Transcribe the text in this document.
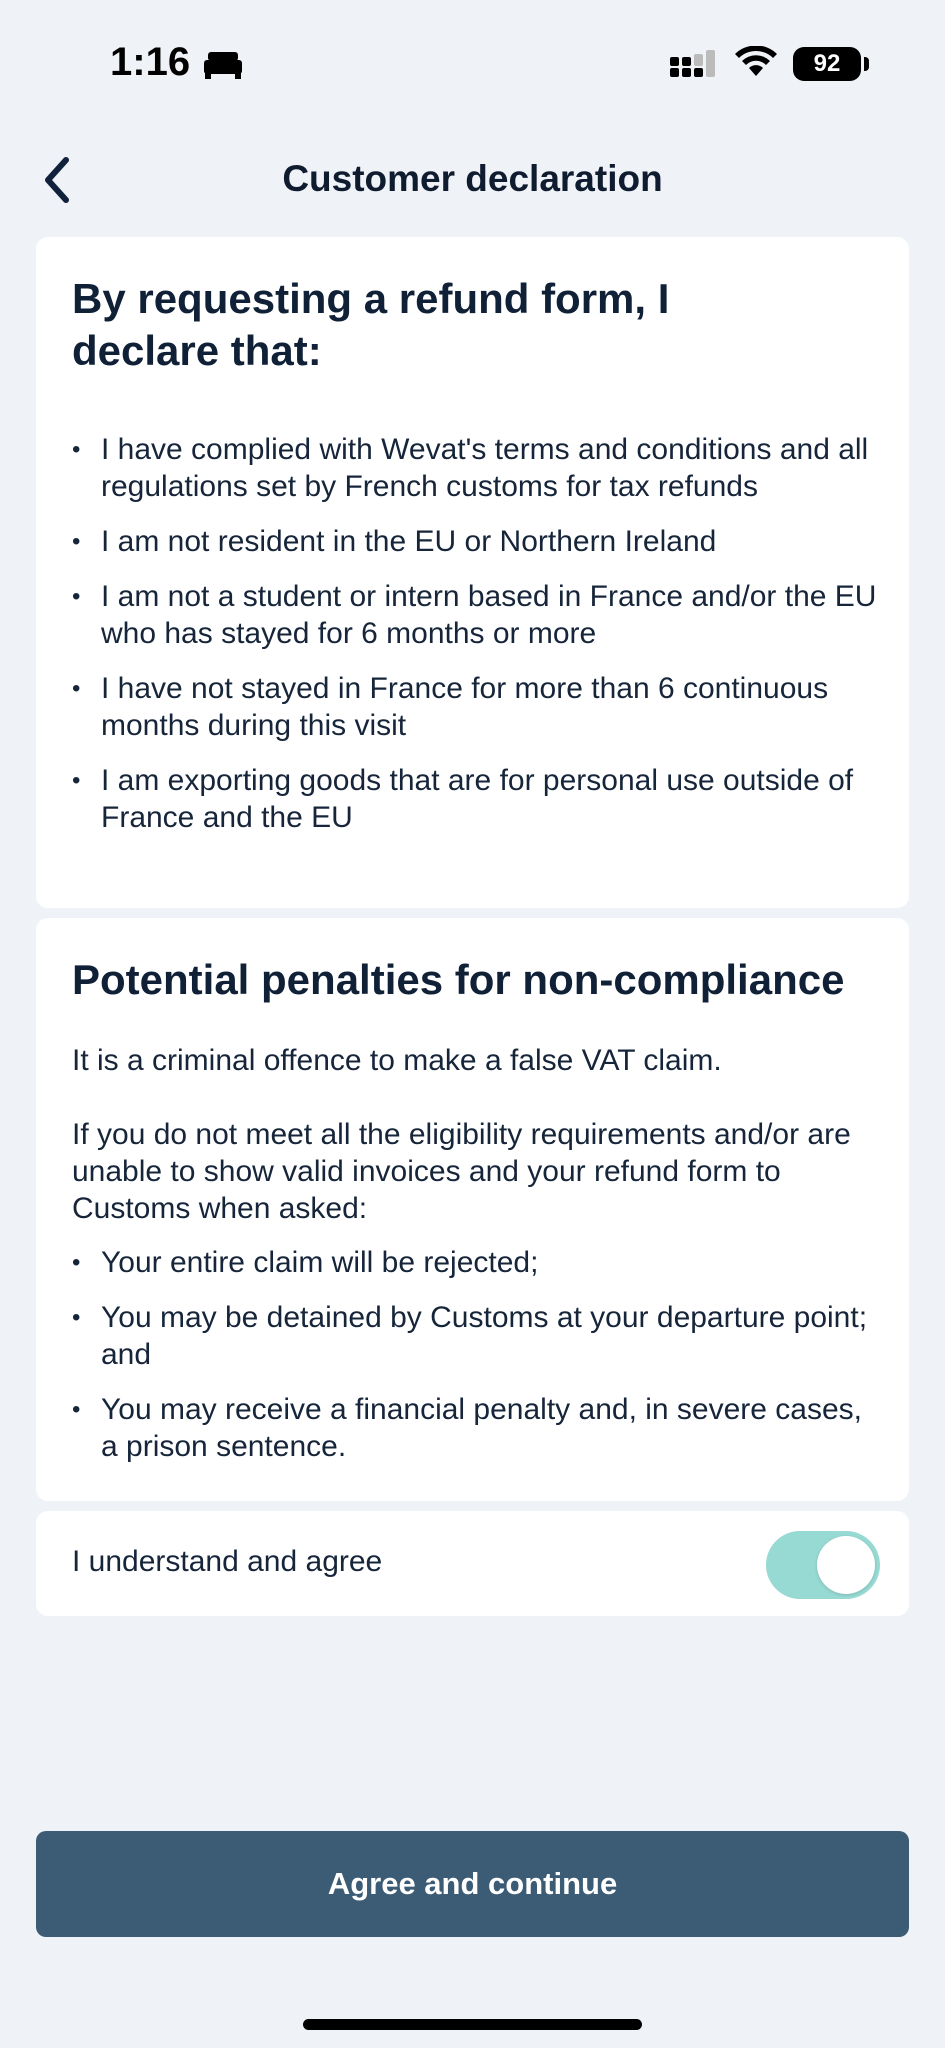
1:16	92
Customer declaration
By requesting a refund form, I declare that:
• I have complied with Wevat's terms and conditions and all regulations set by French customs for tax refunds
• I am not resident in the EU or Northern Ireland
• I am not a student or intern based in France and/or the EU who has stayed for 6 months or more
• I have not stayed in France for more than 6 continuous months during this visit
• I am exporting goods that are for personal use outside of France and the EU
Potential penalties for non-compliance

It is a criminal offence to make a false VAT claim.

If you do not meet all the eligibility requirements and/or are unable to show valid invoices and your refund form to Customs when asked:

• Your entire claim will be rejected;
• You may be detained by Customs at your departure point; and
• You may receive a financial penalty and, in severe cases, a prison sentence.
I understand and agree
Agree and continue
